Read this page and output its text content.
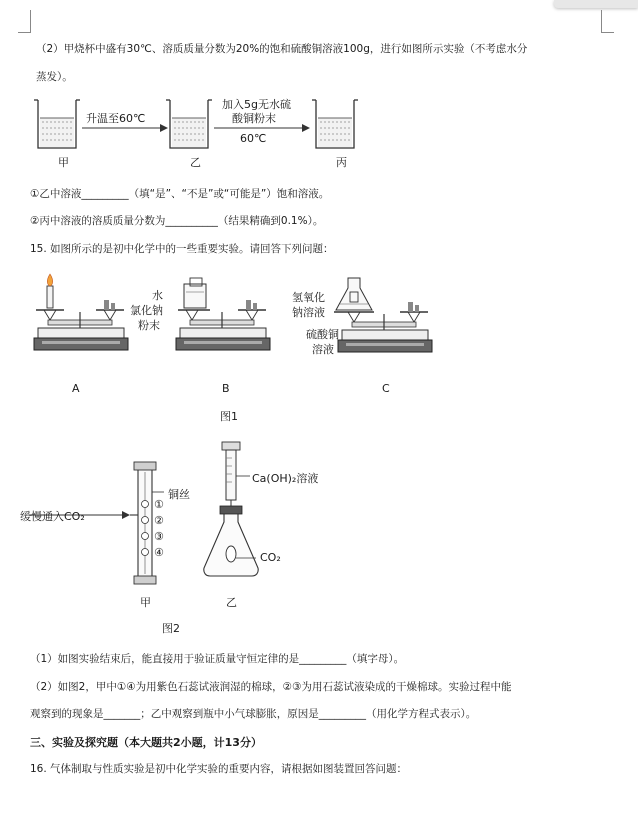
（2）甲烧杯中盛有30℃、溶质质量分数为20%的饱和硫酸铜溶液100g，进行如图所示实验（不考虑水分
蒸发）。
升温至60℃
加入5g无水硫
酸铜粉末
60℃
甲	乙	丙
①乙中溶液_________（填“是”、“不是”或“可能是”）饱和溶液。
②丙中溶液的溶质质量分数为__________（结果精确到0.1%）。
15. 如图所示的是初中化学中的一些重要实验。请回答下列问题：
水
氯化钠
粉末
氢氧化
钠溶液
硫酸铜
溶液
A	B	C
图1
缓慢通入CO₂
铜丝
①
②
③
④
Ca(OH)₂溶液
CO₂
甲	乙
图2
（1）如图实验结束后，能直接用于验证质量守恒定律的是_________（填字母）。
（2）如图2，甲中①④为用紫色石蕊试液润湿的棉球，②③为用石蕊试液染成的干燥棉球。实验过程中能
观察到的现象是_______；乙中观察到瓶中小气球膨胀，原因是_________（用化学方程式表示）。
三、实验及探究题（本大题共2小题，计13分）
16. 气体制取与性质实验是初中化学实验的重要内容，请根据如图装置回答问题：
